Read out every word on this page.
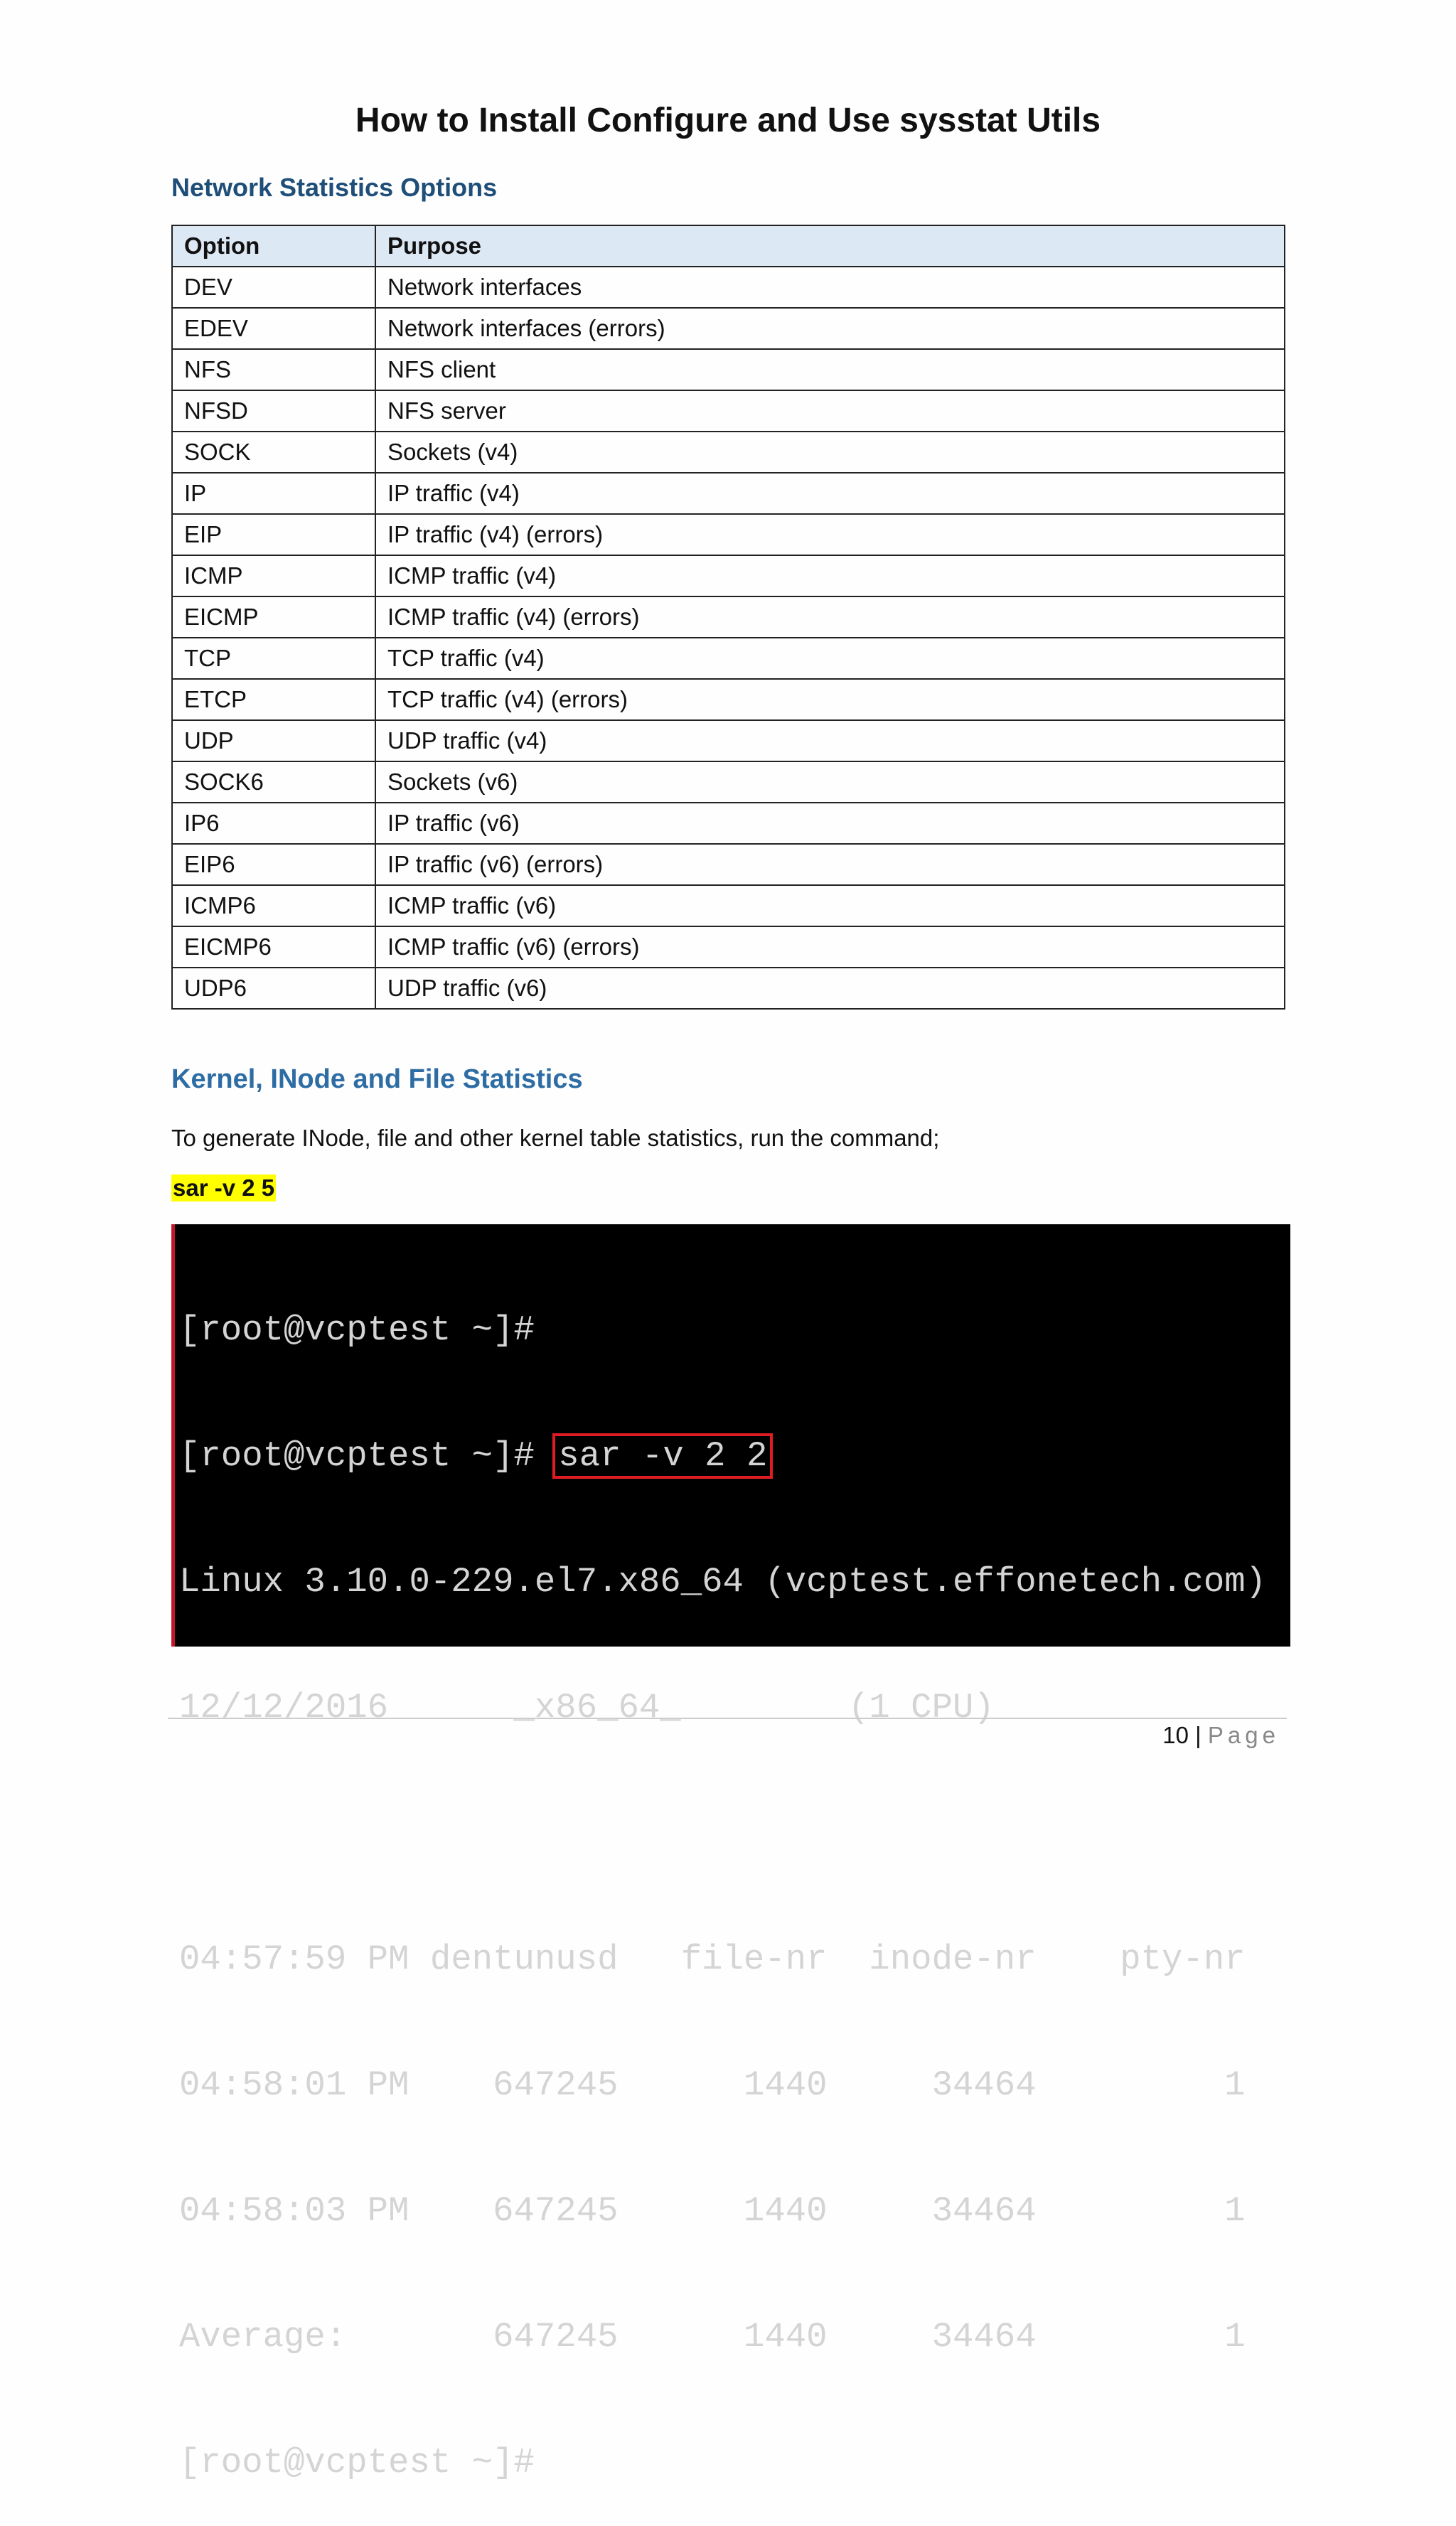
How to Install Configure and Use sysstat Utils
Network Statistics Options
Option	Purpose
DEV	Network interfaces
EDEV	Network interfaces (errors)
NFS	NFS client
NFSD	NFS server
SOCK	Sockets (v4)
IP	IP traffic (v4)
EIP	IP traffic (v4) (errors)
ICMP	ICMP traffic (v4)
EICMP	ICMP traffic (v4) (errors)
TCP	TCP traffic (v4)
ETCP	TCP traffic (v4) (errors)
UDP	UDP traffic (v4)
SOCK6	Sockets (v6)
IP6	IP traffic (v6)
EIP6	IP traffic (v6) (errors)
ICMP6	ICMP traffic (v6)
EICMP6	ICMP traffic (v6) (errors)
UDP6	UDP traffic (v6)
Kernel, INode and File Statistics
To generate INode, file and other kernel table statistics, run the command;
sar -v 2 5

[root@vcptest ~]#

[root@vcptest ~]# sar -v 2 2

Linux 3.10.0-229.el7.x86_64 (vcptest.effonetech.com)

12/12/2016      _x86_64_        (1 CPU)

04:57:59 PM dentunusd   file-nr  inode-nr    pty-nr

04:58:01 PM    647245      1440     34464         1

04:58:03 PM    647245      1440     34464         1

Average:       647245      1440     34464         1

[root@vcptest ~]#

10 | Page
